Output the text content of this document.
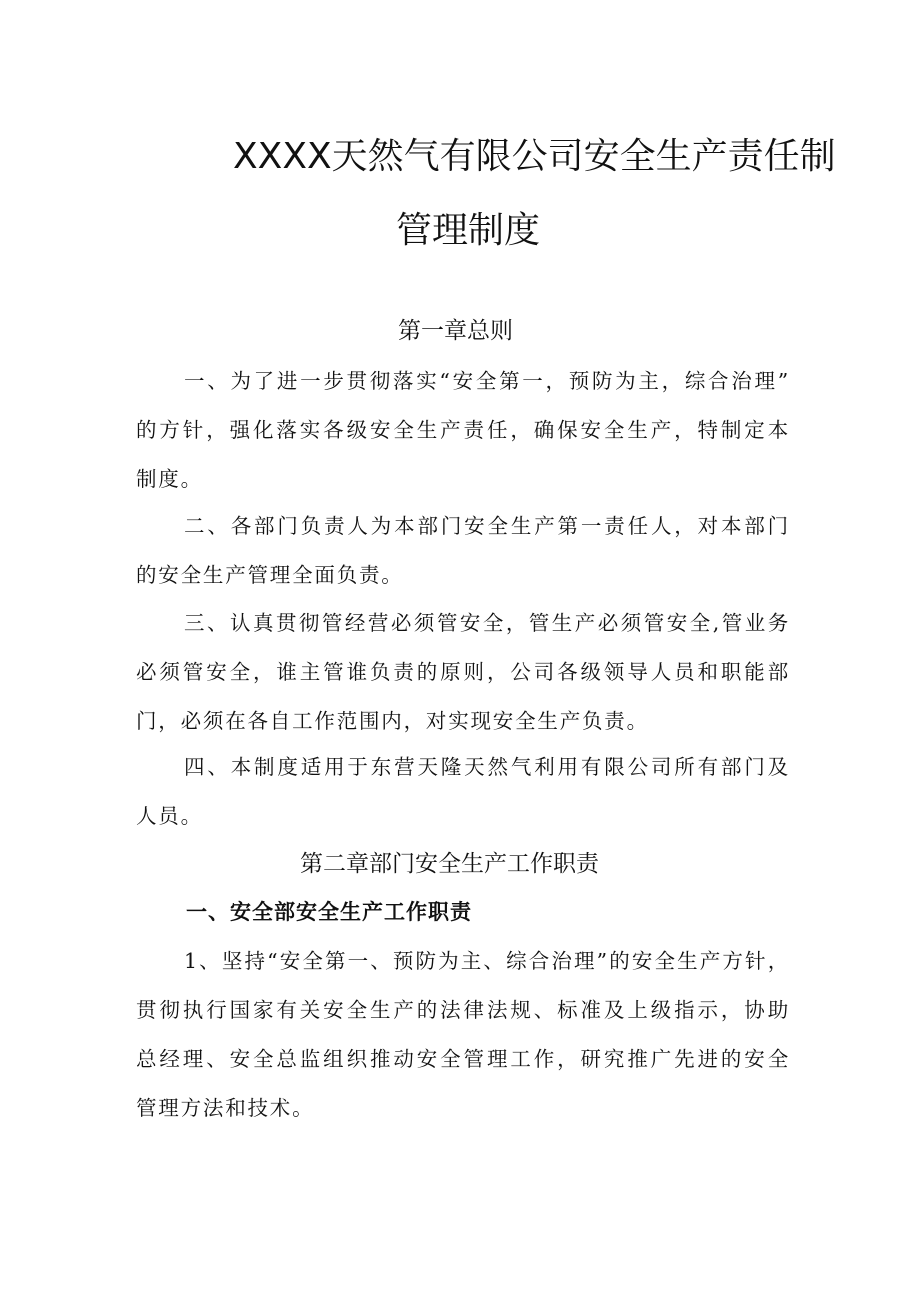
XXXX天然气有限公司安全生产责任制
管理制度
第一章总则
一、为了进一步贯彻落实“安全第一，预防为主，综合治理”
的方针，强化落实各级安全生产责任，确保安全生产，特制定本
制度。
二、各部门负责人为本部门安全生产第一责任人，对本部门
的安全生产管理全面负责。
三、认真贯彻管经营必须管安全，管生产必须管安全,管业务
必须管安全，谁主管谁负责的原则，公司各级领导人员和职能部
门，必须在各自工作范围内，对实现安全生产负责。
四、本制度适用于东营天隆天然气利用有限公司所有部门及
人员。
第二章部门安全生产工作职责
一、安全部安全生产工作职责
1、坚持“安全第一、预防为主、综合治理”的安全生产方针，
贯彻执行国家有关安全生产的法律法规、标准及上级指示，协助
总经理、安全总监组织推动安全管理工作，研究推广先进的安全
管理方法和技术。
